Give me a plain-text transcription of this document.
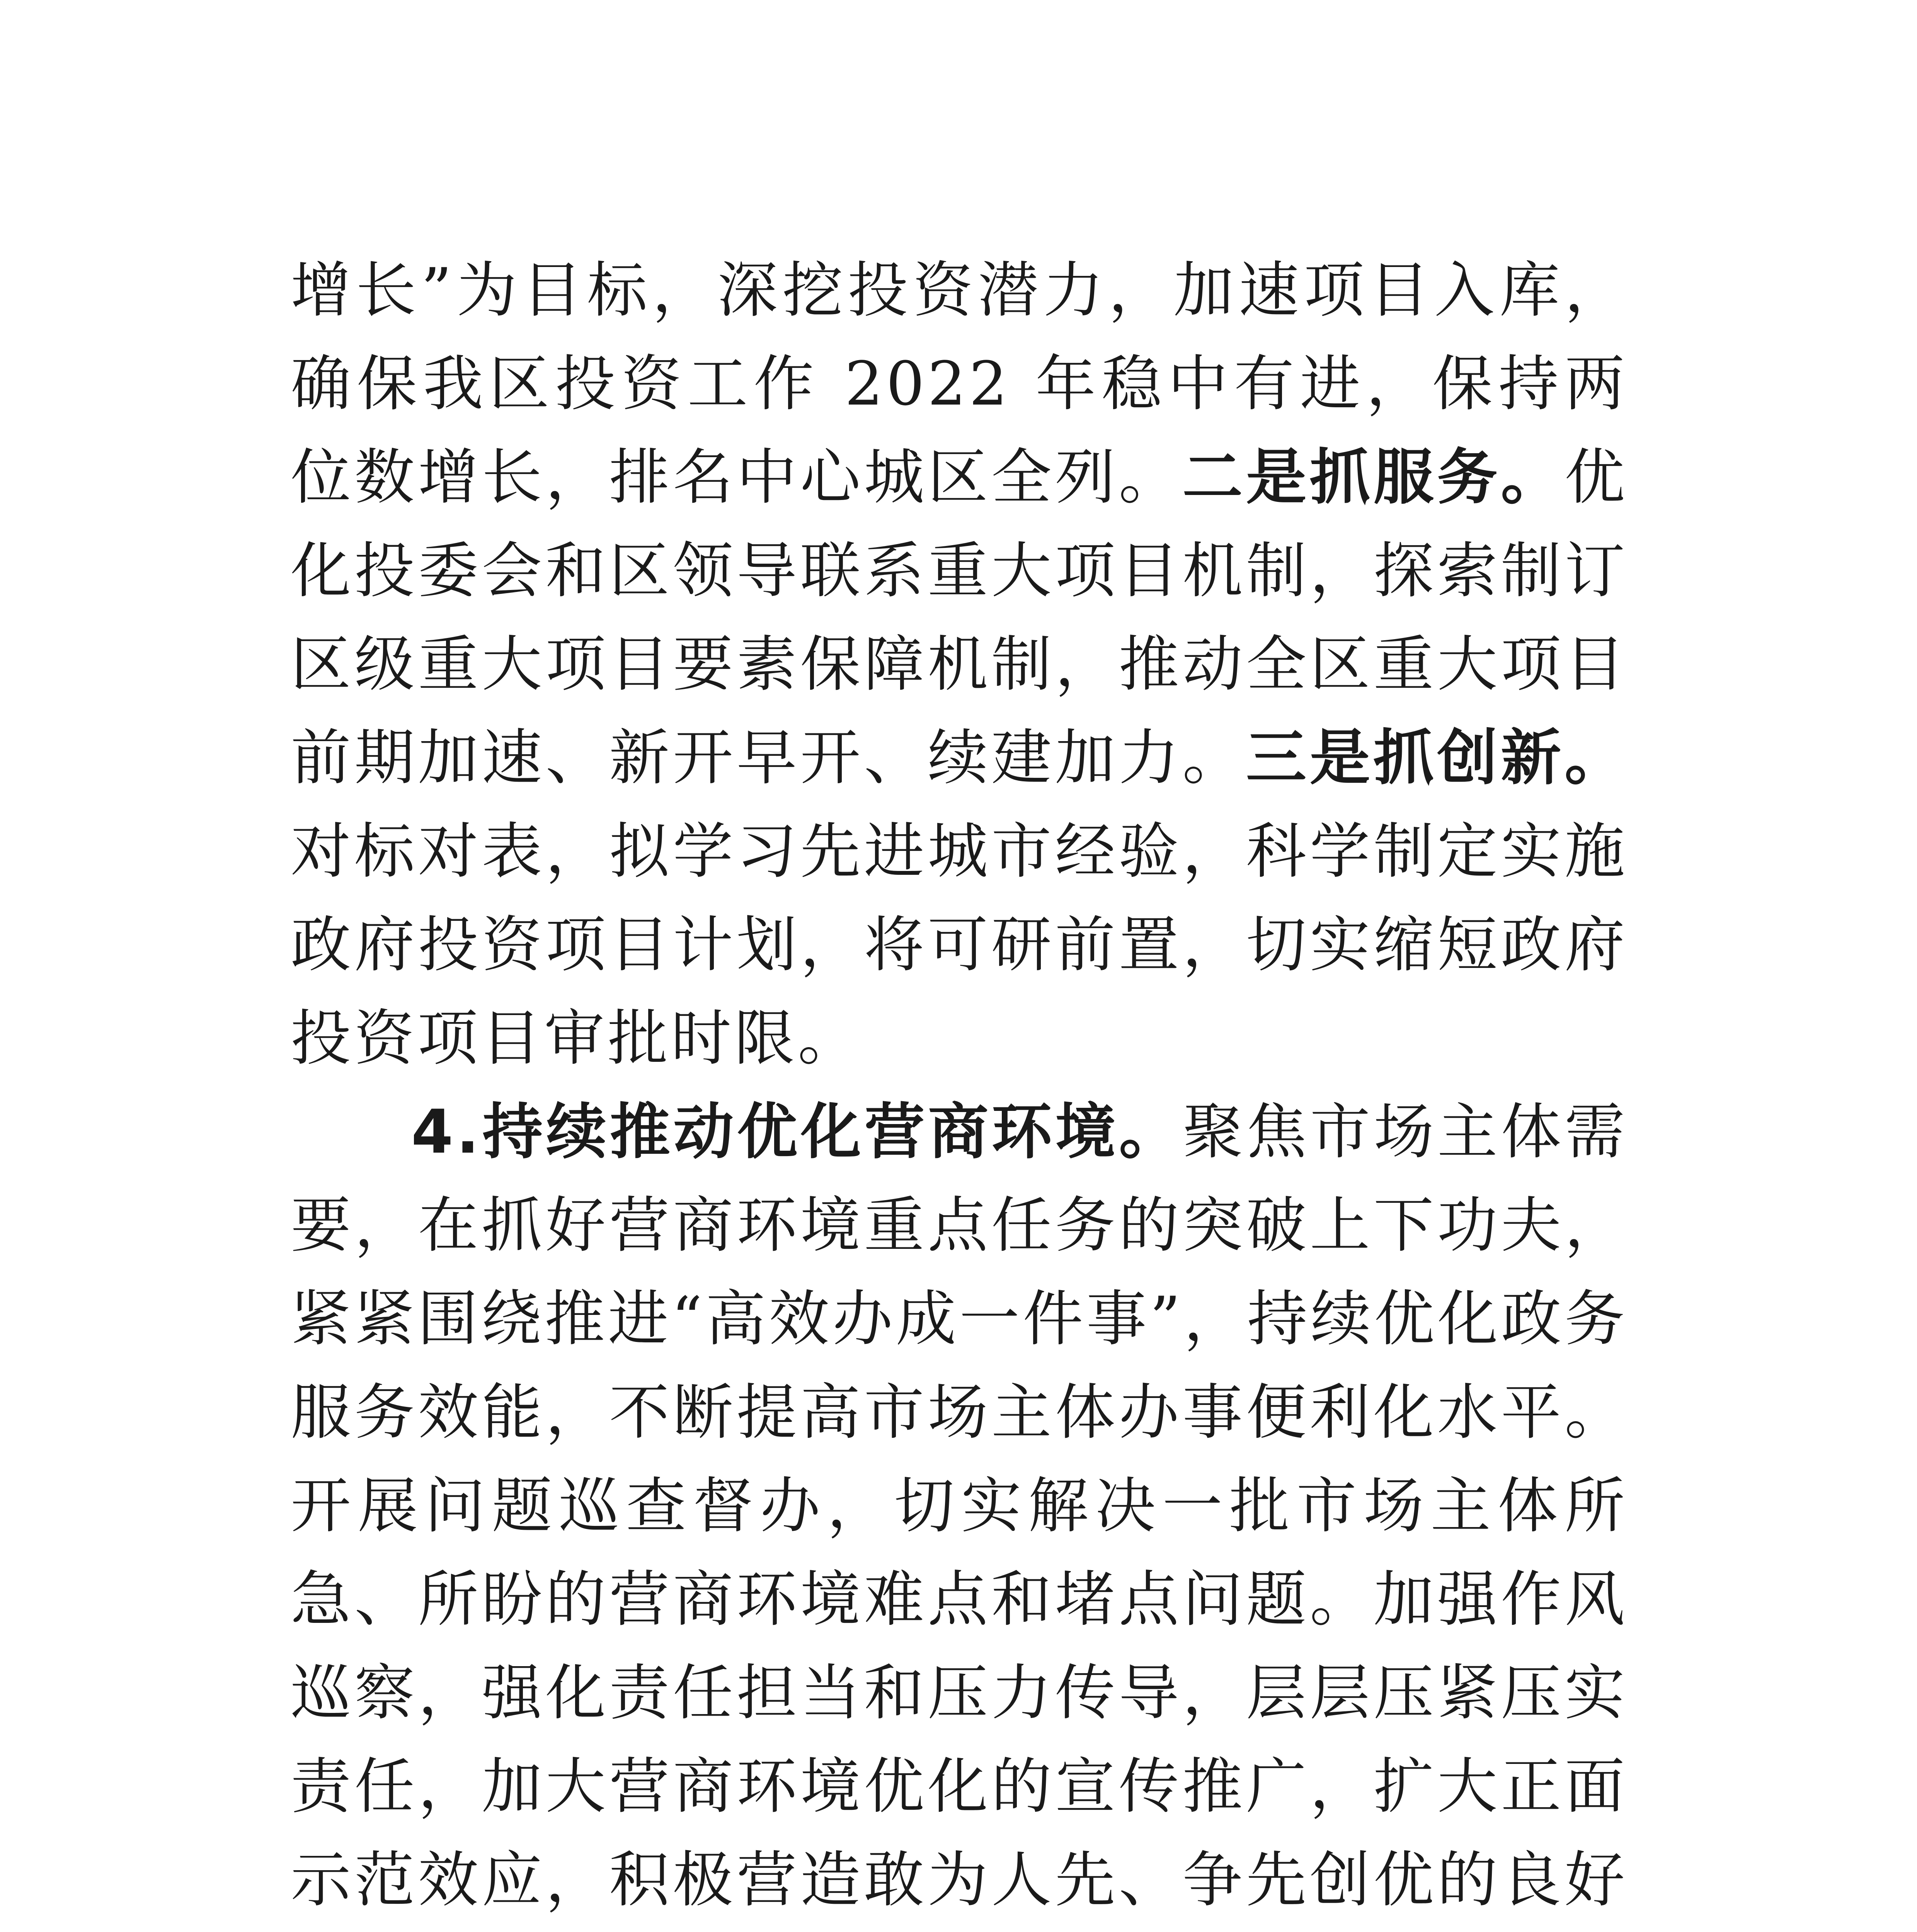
增长”为目标，深挖投资潜力，加速项目入库，确保我区投资工作 2022 年稳中有进，保持两位数增长，排名中心城区全列。二是抓服务。优化投委会和区领导联系重大项目机制，探索制订区级重大项目要素保障机制，推动全区重大项目前期加速、新开早开、续建加力。三是抓创新。对标对表，拟学习先进城市经验，科学制定实施政府投资项目计划，将可研前置，切实缩短政府投资项目审批时限。

4.持续推动优化营商环境。聚焦市场主体需要，在抓好营商环境重点任务的突破上下功夫，紧紧围绕推进“高效办成一件事”，持续优化政务服务效能，不断提高市场主体办事便利化水平。开展问题巡查督办，切实解决一批市场主体所急、所盼的营商环境难点和堵点问题。加强作风巡察，强化责任担当和压力传导，层层压紧压实责任，加大营商环境优化的宣传推广，扩大正面示范效应，积极营造敢为人先、争先创优的良好
